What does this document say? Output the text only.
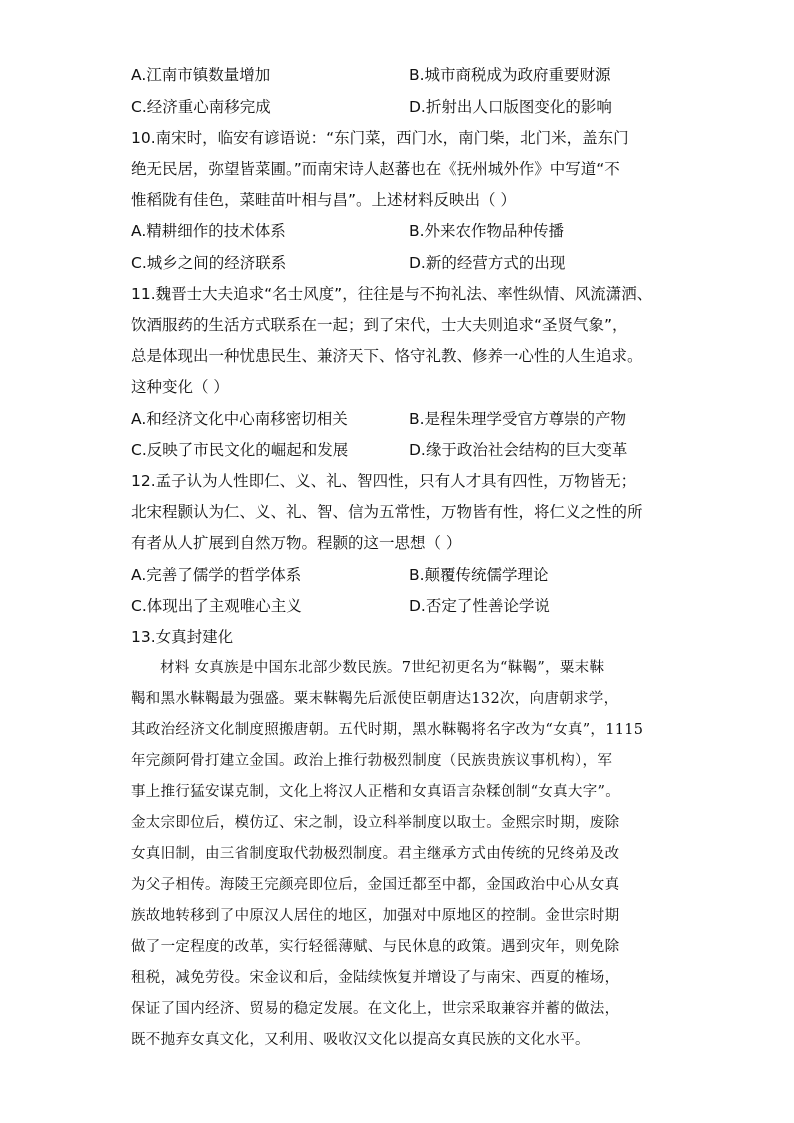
A.江南市镇数量增加	B.城市商税成为政府重要财源
C.经济重心南移完成	D.折射出人口版图变化的影响
10.南宋时，临安有谚语说：“东门菜，西门水，南门柴，北门米，盖东门
绝无民居，弥望皆菜圃。”而南宋诗人赵蕃也在《抚州城外作》中写道“不
惟稻陇有佳色，菜畦苗叶相与昌”。上述材料反映出（ ）
A.精耕细作的技术体系	B.外来农作物品种传播
C.城乡之间的经济联系	D.新的经营方式的出现
11.魏晋士大夫追求“名士风度”，往往是与不拘礼法、率性纵情、风流潇洒、
饮酒服药的生活方式联系在一起；到了宋代，士大夫则追求“圣贤气象”，
总是体现出一种忧患民生、兼济天下、恪守礼教、修养一心性的人生追求。
这种变化（ ）
A.和经济文化中心南移密切相关	B.是程朱理学受官方尊崇的产物
C.反映了市民文化的崛起和发展	D.缘于政治社会结构的巨大变革
12.孟子认为人性即仁、义、礼、智四性，只有人才具有四性，万物皆无；
北宋程颢认为仁、义、礼、智、信为五常性，万物皆有性，将仁义之性的所
有者从人扩展到自然万物。程颢的这一思想（ ）
A.完善了儒学的哲学体系	B.颠覆传统儒学理论
C.体现出了主观唯心主义	D.否定了性善论学说
13.女真封建化
材料 女真族是中国东北部少数民族。7世纪初更名为“靺鞨”，粟末靺
鞨和黑水靺鞨最为强盛。粟末靺鞨先后派使臣朝唐达132次，向唐朝求学，
其政治经济文化制度照搬唐朝。五代时期，黑水靺鞨将名字改为“女真”，1115
年完颜阿骨打建立金国。政治上推行勃极烈制度（民族贵族议事机构），军
事上推行猛安谋克制，文化上将汉人正楷和女真语言杂糅创制“女真大字”。
金太宗即位后，模仿辽、宋之制，设立科举制度以取士。金熙宗时期，废除
女真旧制，由三省制度取代勃极烈制度。君主继承方式由传统的兄终弟及改
为父子相传。海陵王完颜亮即位后，金国迁都至中都，金国政治中心从女真
族故地转移到了中原汉人居住的地区，加强对中原地区的控制。金世宗时期
做了一定程度的改革，实行轻徭薄赋、与民休息的政策。遇到灾年，则免除
租税，减免劳役。宋金议和后，金陆续恢复并增设了与南宋、西夏的榷场，
保证了国内经济、贸易的稳定发展。在文化上，世宗采取兼容并蓄的做法，
既不抛弃女真文化，又利用、吸收汉文化以提高女真民族的文化水平。
